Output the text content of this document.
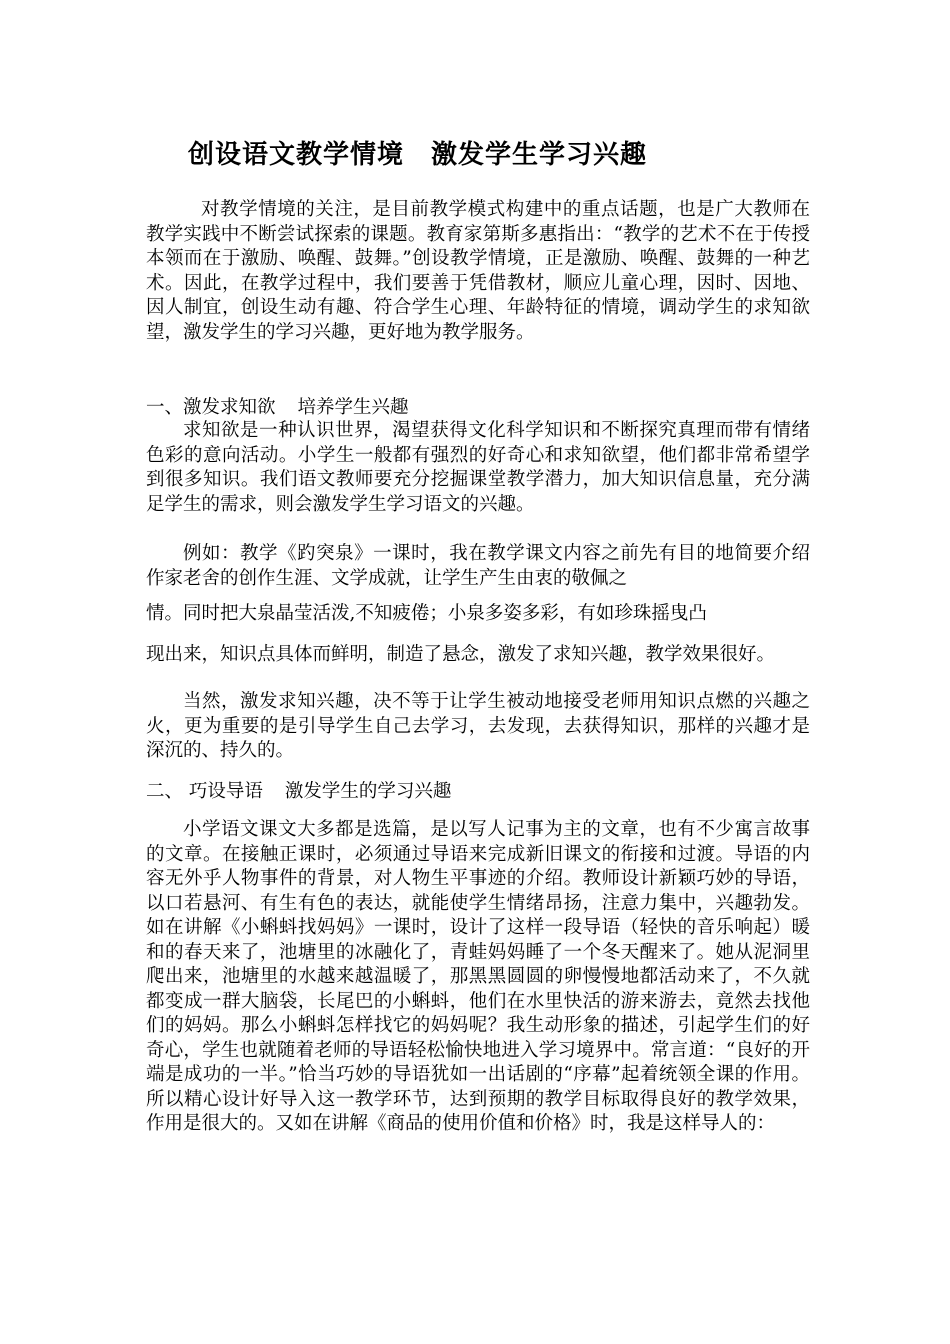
创设语文教学情境　激发学生学习兴趣

对教学情境的关注，是目前教学模式构建中的重点话题，也是广大教师在教学实践中不断尝试探索的课题。教育家第斯多惠指出：“教学的艺术不在于传授本领而在于激励、唤醒、鼓舞。”创设教学情境，正是激励、唤醒、鼓舞的一种艺术。因此，在教学过程中，我们要善于凭借教材，顺应儿童心理，因时、因地、因人制宜，创设生动有趣、符合学生心理、年龄特征的情境，调动学生的求知欲望，激发学生的学习兴趣，更好地为教学服务。

一、激发求知欲 培养学生兴趣

求知欲是一种认识世界，渴望获得文化科学知识和不断探究真理而带有情绪色彩的意向活动。小学生一般都有强烈的好奇心和求知欲望，他们都非常希望学到很多知识。我们语文教师要充分挖掘课堂教学潜力，加大知识信息量，充分满足学生的需求，则会激发学生学习语文的兴趣。

例如：教学《趵突泉》一课时，我在教学课文内容之前先有目的地简要介绍作家老舍的创作生涯、文学成就，让学生产生由衷的敬佩之

情。同时把大泉晶莹活泼,不知疲倦；小泉多姿多彩，有如珍珠摇曳凸

现出来，知识点具体而鲜明，制造了悬念，激发了求知兴趣，教学效果很好。

当然，激发求知兴趣，决不等于让学生被动地接受老师用知识点燃的兴趣之火，更为重要的是引导学生自己去学习，去发现，去获得知识，那样的兴趣才是深沉的、持久的。

二、 巧设导语 激发学生的学习兴趣

小学语文课文大多都是选篇，是以写人记事为主的文章，也有不少寓言故事的文章。在接触正课时，必须通过导语来完成新旧课文的衔接和过渡。导语的内容无外乎人物事件的背景，对人物生平事迹的介绍。教师设计新颖巧妙的导语，以口若悬河、有生有色的表达，就能使学生情绪昂扬，注意力集中，兴趣勃发。如在讲解《小蝌蚪找妈妈》一课时，设计了这样一段导语（轻快的音乐响起）暖和的春天来了，池塘里的冰融化了，青蛙妈妈睡了一个冬天醒来了。她从泥洞里爬出来，池塘里的水越来越温暖了，那黑黑圆圆的卵慢慢地都活动来了，不久就都变成一群大脑袋，长尾巴的小蝌蚪，他们在水里快活的游来游去，竟然去找他们的妈妈。那么小蝌蚪怎样找它的妈妈呢？我生动形象的描述，引起学生们的好奇心，学生也就随着老师的导语轻松愉快地进入学习境界中。常言道：“良好的开端是成功的一半。”恰当巧妙的导语犹如一出话剧的“序幕”起着统领全课的作用。所以精心设计好导入这一教学环节，达到预期的教学目标取得良好的教学效果，作用是很大的。又如在讲解《商品的使用价值和价格》时，我是这样导人的：
